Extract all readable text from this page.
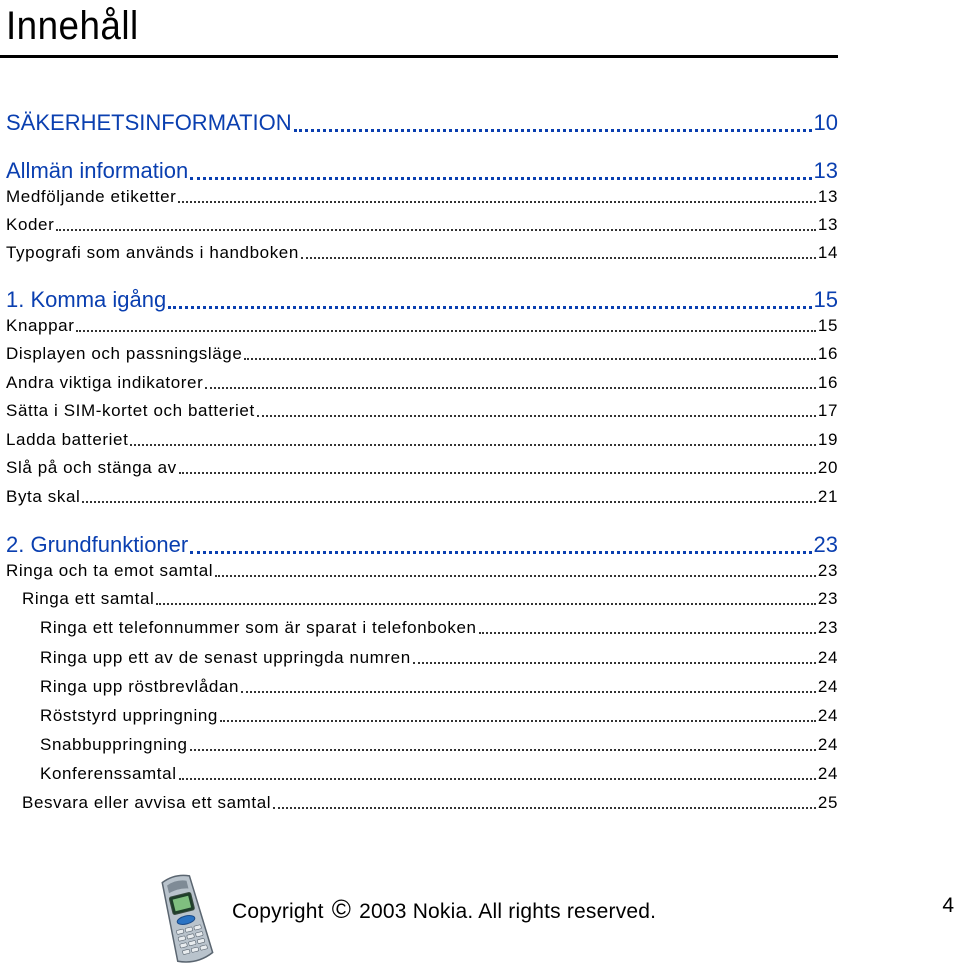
Innehåll
SÄKERHETSINFORMATION	10
Allmän information	13
Medföljande etiketter	13
Koder	13
Typografi som används i handboken	14
1. Komma igång	15
Knappar	15
Displayen och passningsläge	16
Andra viktiga indikatorer	16
Sätta i SIM-kortet och batteriet	17
Ladda batteriet	19
Slå på och stänga av	20
Byta skal	21
2. Grundfunktioner	23
Ringa och ta emot samtal	23
Ringa ett samtal	23
Ringa ett telefonnummer som är sparat i telefonboken	23
Ringa upp ett av de senast uppringda numren	24
Ringa upp röstbrevlådan	24
Röststyrd uppringning	24
Snabbuppringning	24
Konferenssamtal	24
Besvara eller avvisa ett samtal	25
Copyright © 2003 Nokia. All rights reserved.	4
